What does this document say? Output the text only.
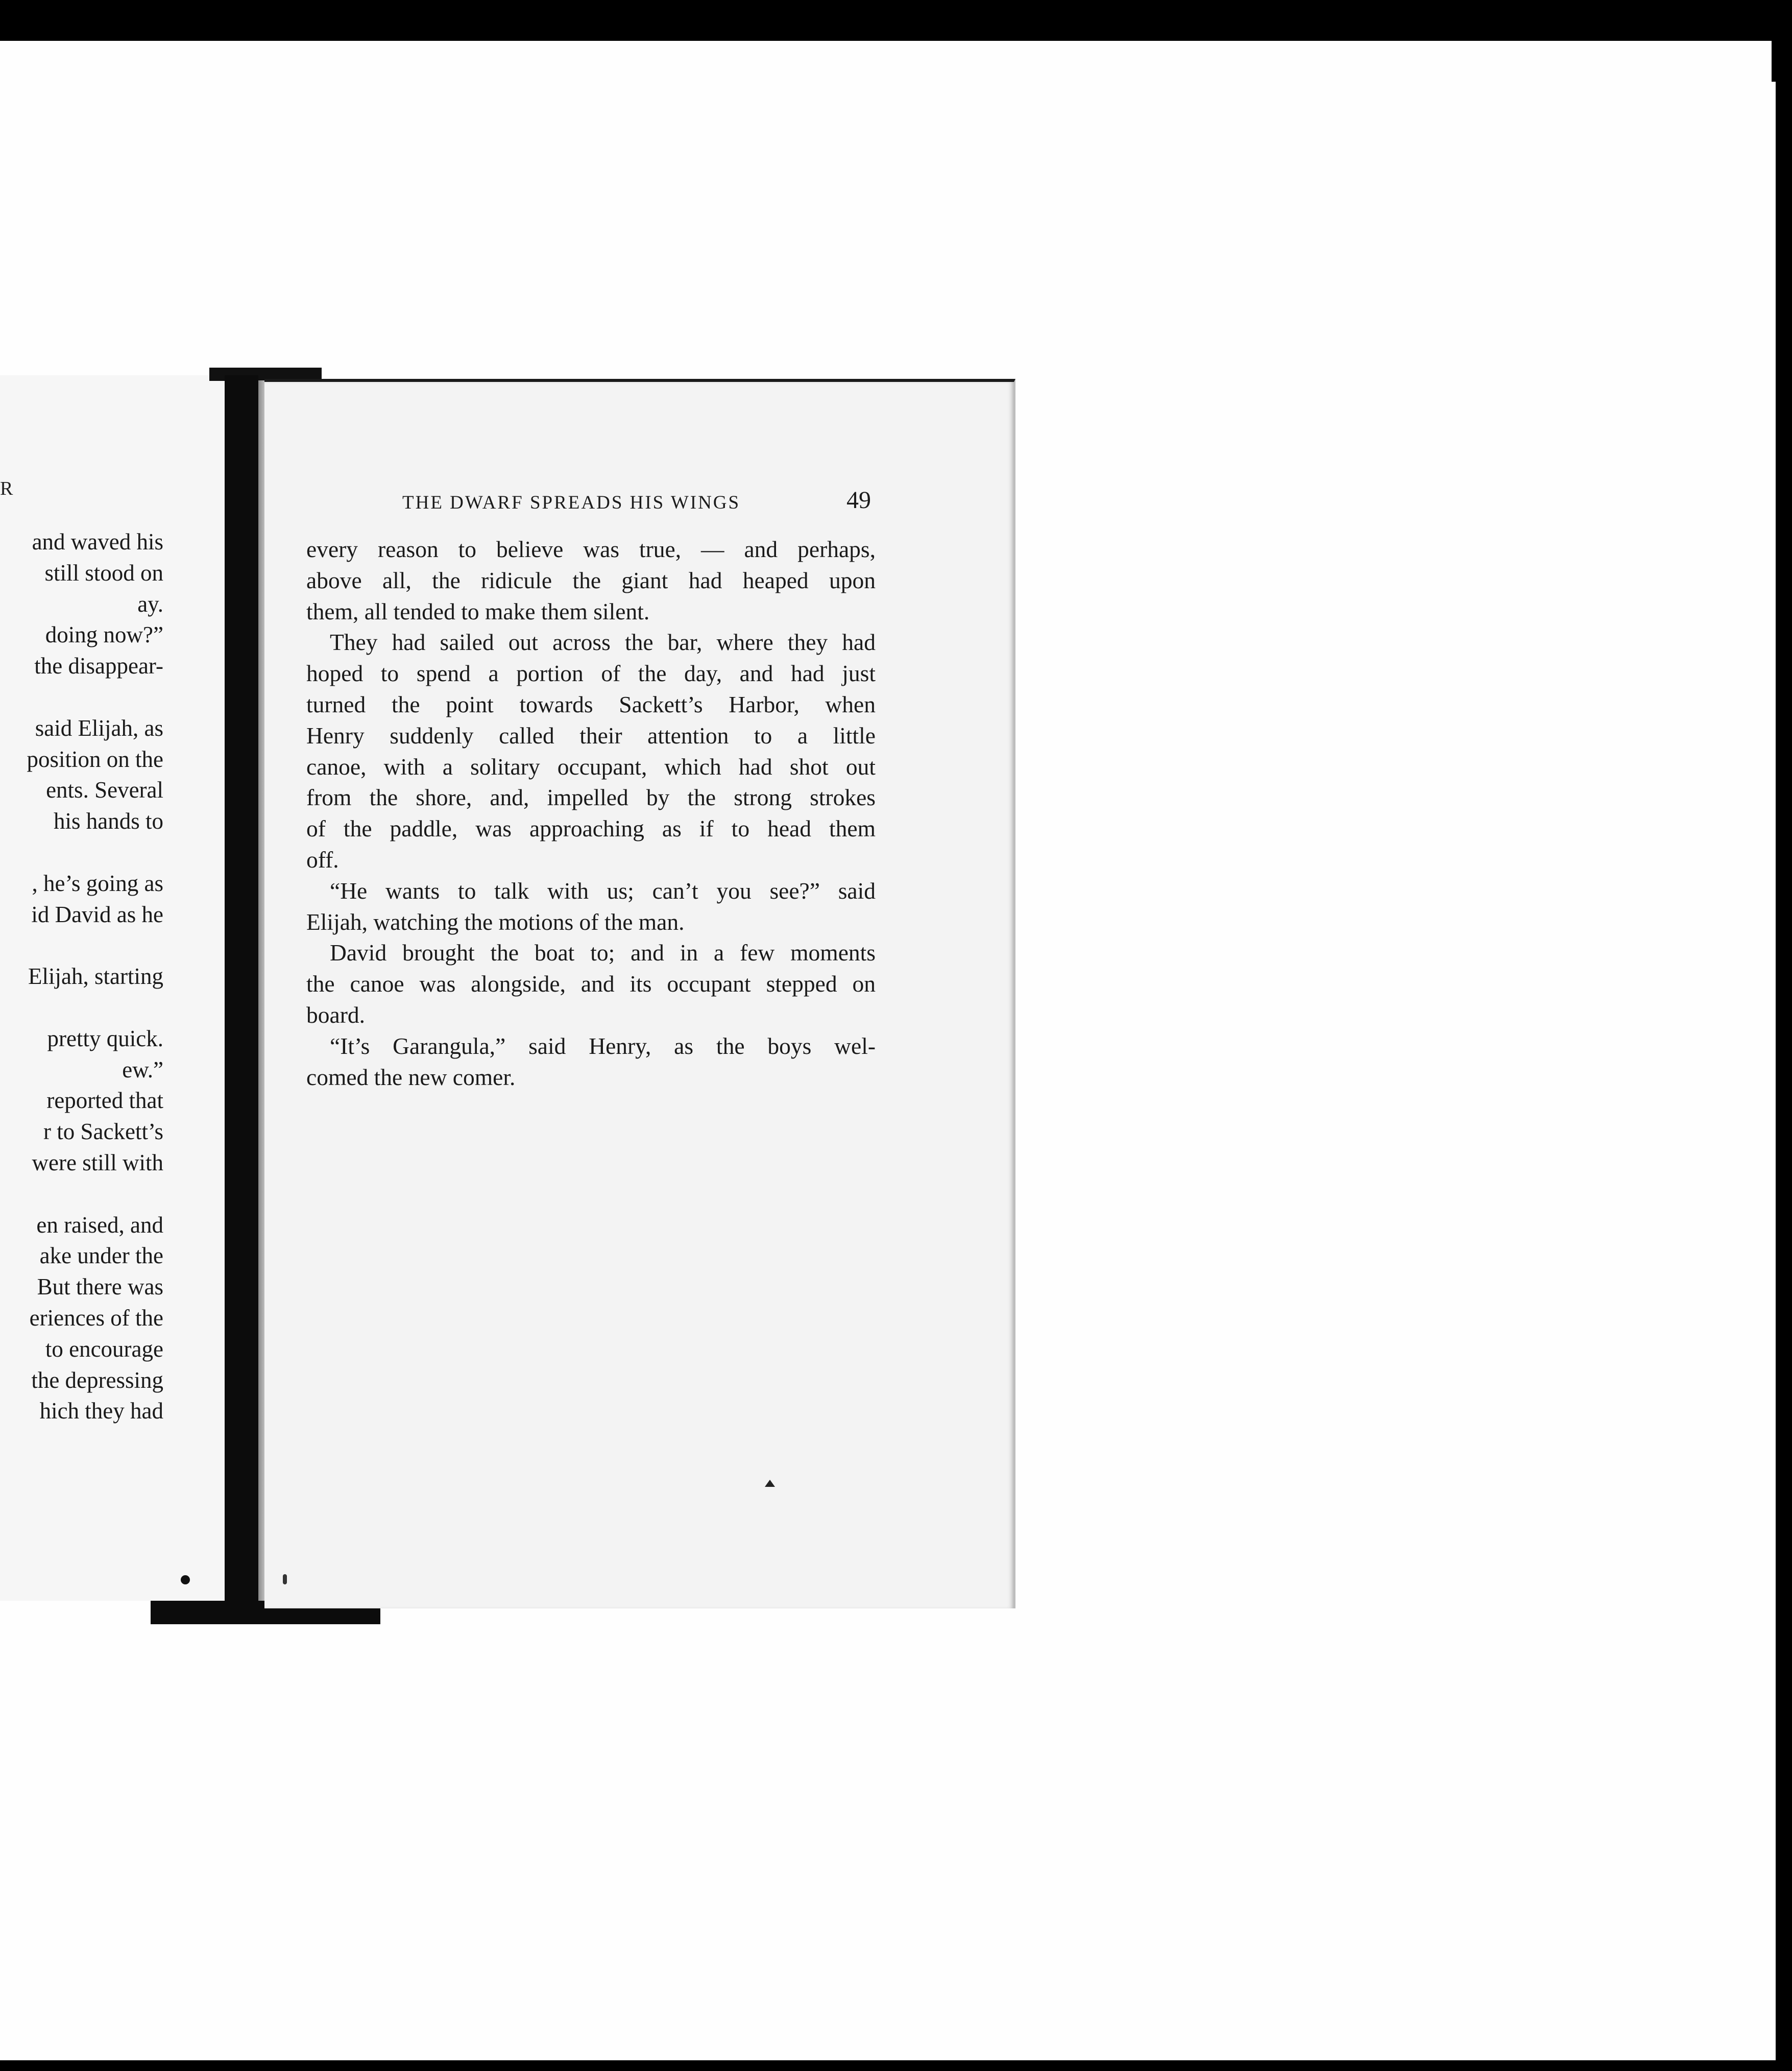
R
and waved his
still stood on
ay.
doing now?”
the disappear-
said Elijah, as
position on the
ents. Several
his hands to
, he’s going as
id David as he
Elijah, starting
pretty quick.
ew.”
reported that
r to Sackett’s
were still with
en raised, and
ake under the
But there was
eriences of the
to encourage
the depressing
hich they had
THE DWARF SPREADS HIS WINGS	49
every reason to believe was true, — and perhaps,
above all, the ridicule the giant had heaped upon
them, all tended to make them silent.
They had sailed out across the bar, where they had
hoped to spend a portion of the day, and had just
turned the point towards Sackett’s Harbor, when
Henry suddenly called their attention to a little
canoe, with a solitary occupant, which had shot out
from the shore, and, impelled by the strong strokes
of the paddle, was approaching as if to head them
off.
“He wants to talk with us; can’t you see?” said
Elijah, watching the motions of the man.
David brought the boat to; and in a few moments
the canoe was alongside, and its occupant stepped on
board.
“It’s Garangula,” said Henry, as the boys wel-
comed the new comer.
